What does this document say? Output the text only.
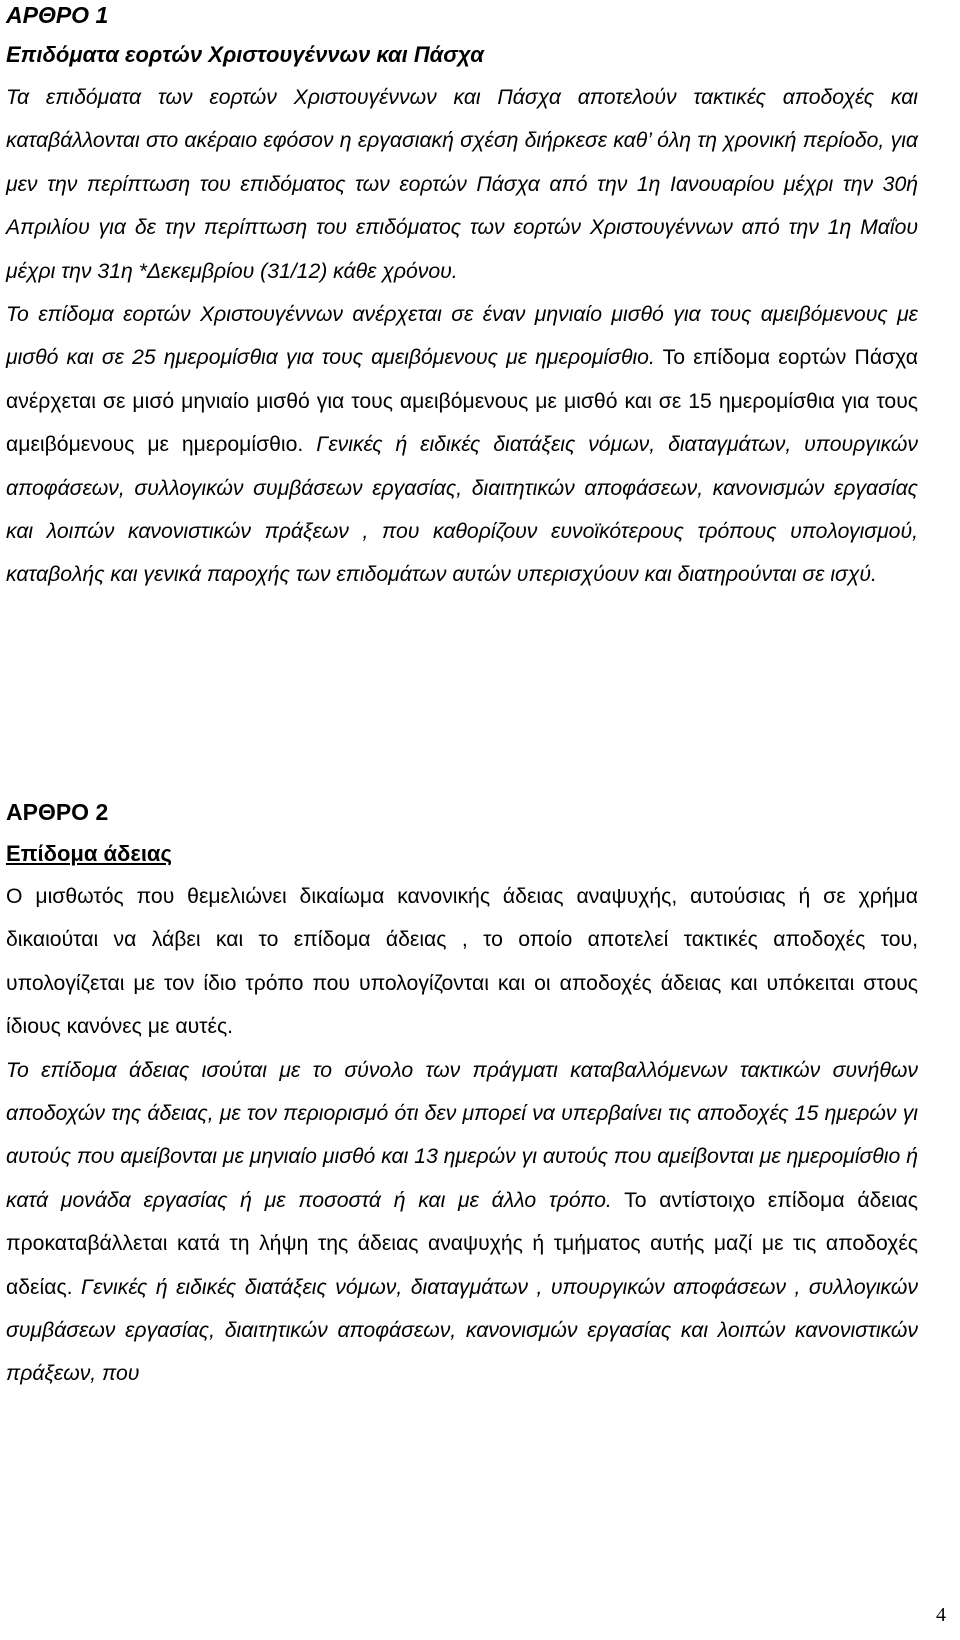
ΑΡΘΡΟ 1
Επιδόματα εορτών Χριστουγέννων και Πάσχα

Τα επιδόματα των εορτών Χριστουγέννων και Πάσχα αποτελούν τακτικές αποδοχές και καταβάλλονται στο ακέραιο εφόσον η εργασιακή σχέση διήρκεσε καθ’ όλη τη χρονική περίοδο, για μεν την περίπτωση του επιδόματος των εορτών Πάσχα από την 1η Ιανουαρίου μέχρι την 30ή Απριλίου για δε την περίπτωση του επιδόματος των εορτών Χριστουγέννων από την 1η Μαΐου μέχρι την 31η *Δεκεμβρίου (31/12) κάθε χρόνου.

Το επίδομα εορτών Χριστουγέννων ανέρχεται σε έναν μηνιαίο μισθό για τους αμειβόμενους με μισθό και σε 25 ημερομίσθια για τους αμειβόμενους με ημερομίσθιο. Το επίδομα εορτών Πάσχα ανέρχεται σε μισό μηνιαίο μισθό για τους αμειβόμενους με μισθό και σε 15 ημερομίσθια για τους αμειβόμενους με ημερομίσθιο. Γενικές ή ειδικές διατάξεις νόμων, διαταγμάτων, υπουργικών αποφάσεων, συλλογικών συμβάσεων εργασίας, διαιτητικών αποφάσεων, κανονισμών εργασίας και λοιπών κανονιστικών πράξεων , που καθορίζουν ευνοϊκότερους τρόπους υπολογισμού, καταβολής και γενικά παροχής των επιδομάτων αυτών υπερισχύουν και διατηρούνται σε ισχύ.

ΑΡΘΡΟ 2
Επίδομα άδειας

Ο μισθωτός που θεμελιώνει δικαίωμα κανονικής άδειας αναψυχής, αυτούσιας ή σε χρήμα δικαιούται να λάβει και το επίδομα άδειας , το οποίο αποτελεί τακτικές αποδοχές του, υπολογίζεται με τον ίδιο τρόπο που υπολογίζονται και οι αποδοχές άδειας και υπόκειται στους ίδιους κανόνες με αυτές.

Το επίδομα άδειας ισούται με το σύνολο των πράγματι καταβαλλόμενων τακτικών συνήθων αποδοχών της άδειας, με τον περιορισμό ότι δεν μπορεί να υπερβαίνει τις αποδοχές 15 ημερών γι αυτούς που αμείβονται με μηνιαίο μισθό και 13 ημερών γι αυτούς που αμείβονται με ημερομίσθιο ή κατά μονάδα εργασίας ή με ποσοστά ή και με άλλο τρόπο. Το αντίστοιχο επίδομα άδειας προκαταβάλλεται κατά τη λήψη της άδειας αναψυχής ή τμήματος αυτής μαζί με τις αποδοχές αδείας. Γενικές ή ειδικές διατάξεις νόμων, διαταγμάτων , υπουργικών αποφάσεων , συλλογικών συμβάσεων εργασίας, διαιτητικών αποφάσεων, κανονισμών εργασίας και λοιπών κανονιστικών πράξεων, που

4
